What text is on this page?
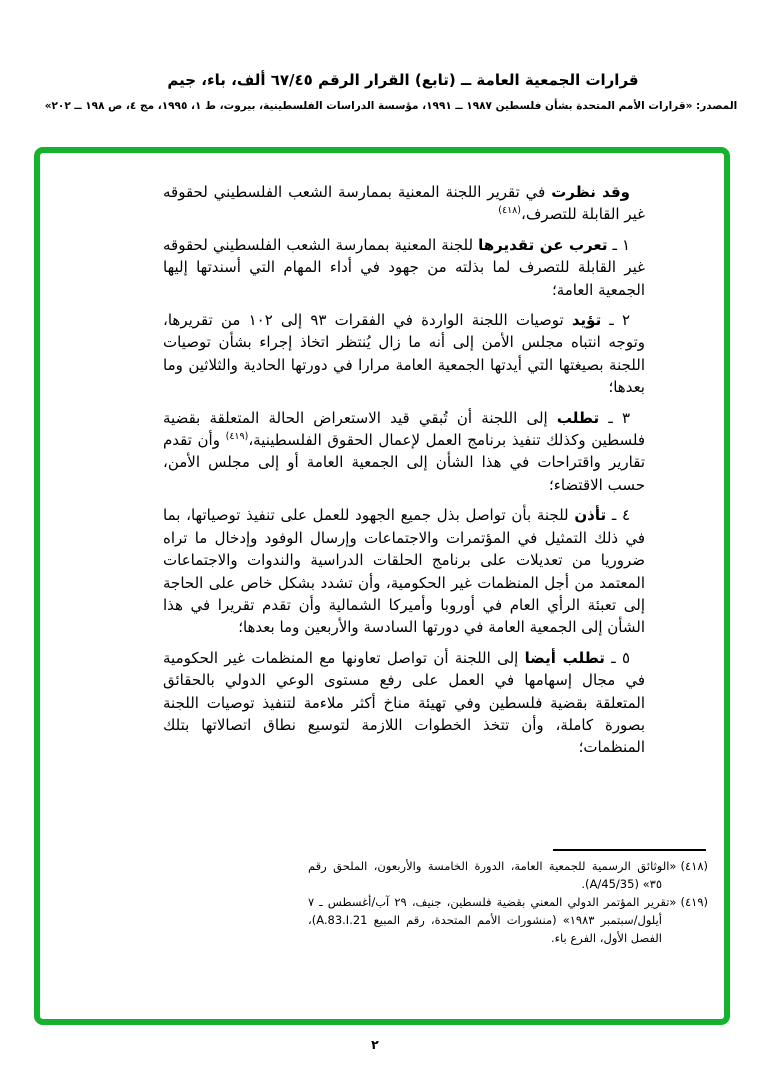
قرارات الجمعية العامة ــ (تابع) القرار الرقم ٦٧/٤٥ ألف، باء، جيم
المصدر: «قرارات الأمم المتحدة بشأن فلسطين ١٩٨٧ ــ ١٩٩١، مؤسسة الدراسات الفلسطينية، بيروت، ط ١، ١٩٩٥، مج ٤، ص ١٩٨ ــ ٢٠٢»

وقد نظرت في تقرير اللجنة المعنية بممارسة الشعب الفلسطيني لحقوقه غير القابلة للتصرف،$^{(٤١٨)}$

١ ـ تعرب عن تقديرها للجنة المعنية بممارسة الشعب الفلسطيني لحقوقه غير القابلة للتصرف لما بذلته من جهود في أداء المهام التي أسندتها إليها الجمعية العامة؛

٢ ـ تؤيد توصيات اللجنة الواردة في الفقرات ٩٣ إلى ١٠٢ من تقريرها، وتوجه انتباه مجلس الأمن إلى أنه ما زال يُنتظر اتخاذ إجراء بشأن توصيات اللجنة بصيغتها التي أيدتها الجمعية العامة مرارا في دورتها الحادية والثلاثين وما بعدها؛

٣ ـ تطلب إلى اللجنة أن تُبقي قيد الاستعراض الحالة المتعلقة بقضية فلسطين وكذلك تنفيذ برنامج العمل لإعمال الحقوق الفلسطينية،$^{(٤١٩)}$ وأن تقدم تقارير واقتراحات في هذا الشأن إلى الجمعية العامة أو إلى مجلس الأمن، حسب الاقتضاء؛

٤ ـ تأذن للجنة بأن تواصل بذل جميع الجهود للعمل على تنفيذ توصياتها، بما في ذلك التمثيل في المؤتمرات والاجتماعات وإرسال الوفود وإدخال ما تراه ضروريا من تعديلات على برنامج الحلقات الدراسية والندوات والاجتماعات المعتمد من أجل المنظمات غير الحكومية، وأن تشدد بشكل خاص على الحاجة إلى تعبئة الرأي العام في أوروبا وأميركا الشمالية وأن تقدم تقريرا في هذا الشأن إلى الجمعية العامة في دورتها السادسة والأربعين وما بعدها؛

٥ ـ تطلب أيضا إلى اللجنة أن تواصل تعاونها مع المنظمات غير الحكومية في مجال إسهامها في العمل على رفع مستوى الوعي الدولي بالحقائق المتعلقة بقضية فلسطين وفي تهيئة مناخ أكثر ملاءمة لتنفيذ توصيات اللجنة بصورة كاملة، وأن تتخذ الخطوات اللازمة لتوسيع نطاق اتصالاتها بتلك المنظمات؛

(٤١٨)«الوثائق الرسمية للجمعية العامة، الدورة الخامسة والأربعون، الملحق رقم ٣٥» (A/45/35).

(٤١٩)«تقرير المؤتمر الدولي المعني بقضية فلسطين، جنيف، ٢٩ آب/أغسطس ـ ٧ أيلول/سبتمبر ١٩٨٣» (منشورات الأمم المتحدة، رقم المبيع A.83.I.21)، الفصل الأول، الفرع باء.

٢
